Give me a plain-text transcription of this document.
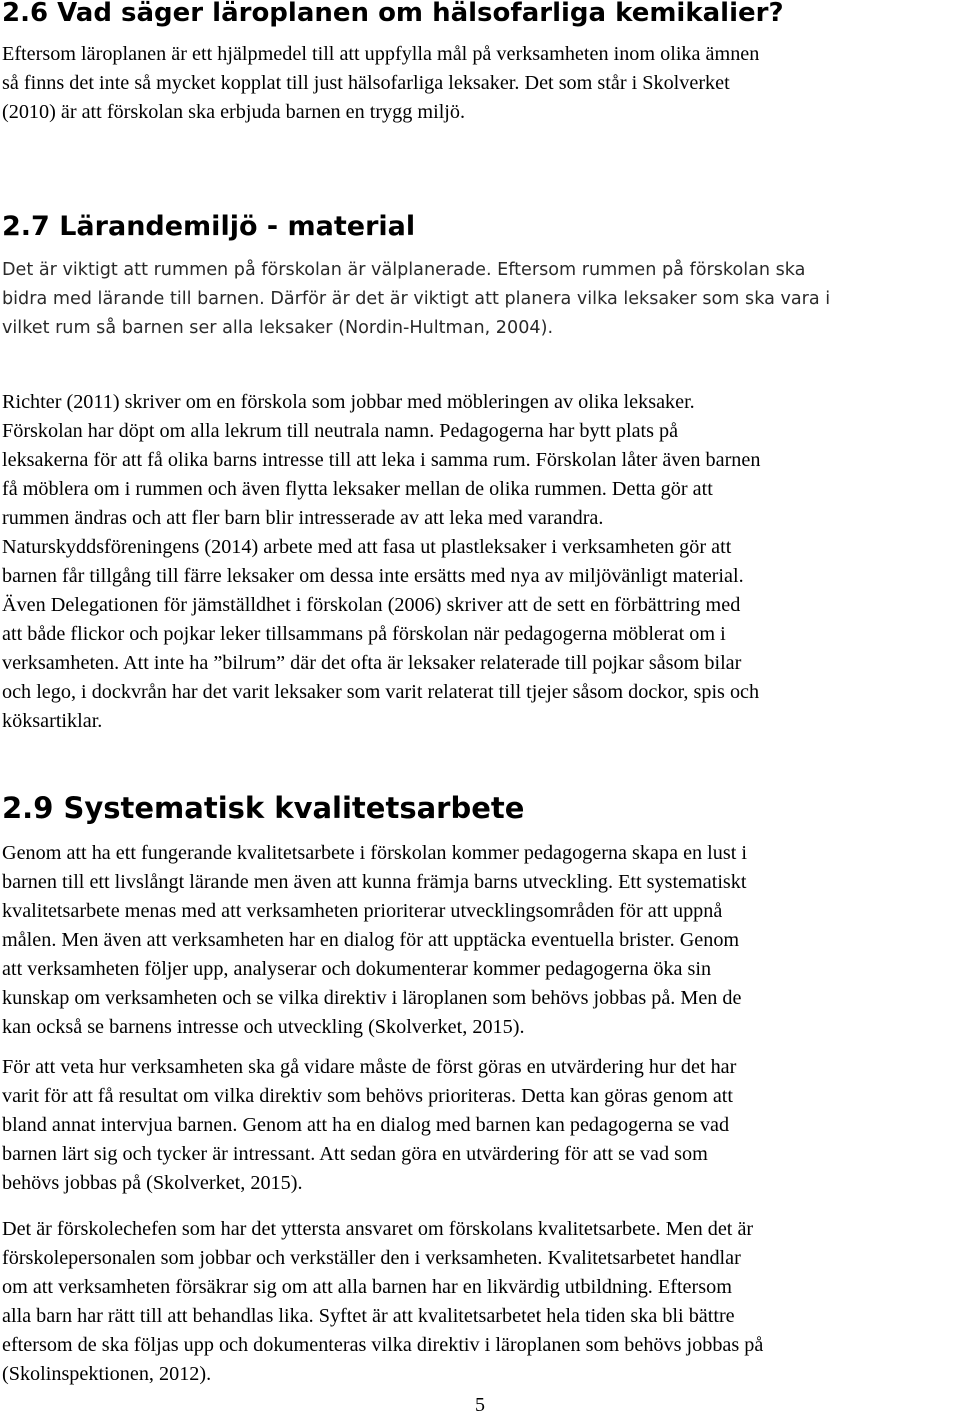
2.6 Vad säger läroplanen om hälsofarliga kemikalier?
Eftersom läroplanen är ett hjälpmedel till att uppfylla mål på verksamheten inom olika ämnen
så finns det inte så mycket kopplat till just hälsofarliga leksaker. Det som står i Skolverket
(2010) är att förskolan ska erbjuda barnen en trygg miljö.
2.7 Lärandemiljö - material
Det är viktigt att rummen på förskolan är välplanerade. Eftersom rummen på förskolan ska
bidra med lärande till barnen. Därför är det är viktigt att planera vilka leksaker som ska vara i
vilket rum så barnen ser alla leksaker (Nordin-Hultman, 2004).
Richter (2011) skriver om en förskola som jobbar med möbleringen av olika leksaker.
Förskolan har döpt om alla lekrum till neutrala namn. Pedagogerna har bytt plats på
leksakerna för att få olika barns intresse till att leka i samma rum. Förskolan låter även barnen
få möblera om i rummen och även flytta leksaker mellan de olika rummen. Detta gör att
rummen ändras och att fler barn blir intresserade av att leka med varandra.
Naturskyddsföreningens (2014) arbete med att fasa ut plastleksaker i verksamheten gör att
barnen får tillgång till färre leksaker om dessa inte ersätts med nya av miljövänligt material.
Även Delegationen för jämställdhet i förskolan (2006) skriver att de sett en förbättring med
att både flickor och pojkar leker tillsammans på förskolan när pedagogerna möblerat om i
verksamheten. Att inte ha ”bilrum” där det ofta är leksaker relaterade till pojkar såsom bilar
och lego, i dockvrån har det varit leksaker som varit relaterat till tjejer såsom dockor, spis och
köksartiklar.
2.9 Systematisk kvalitetsarbete
Genom att ha ett fungerande kvalitetsarbete i förskolan kommer pedagogerna skapa en lust i
barnen till ett livslångt lärande men även att kunna främja barns utveckling. Ett systematiskt
kvalitetsarbete menas med att verksamheten prioriterar utvecklingsområden för att uppnå
målen. Men även att verksamheten har en dialog för att upptäcka eventuella brister. Genom
att verksamheten följer upp, analyserar och dokumenterar kommer pedagogerna öka sin
kunskap om verksamheten och se vilka direktiv i läroplanen som behövs jobbas på. Men de
kan också se barnens intresse och utveckling (Skolverket, 2015).
För att veta hur verksamheten ska gå vidare måste de först göras en utvärdering hur det har
varit för att få resultat om vilka direktiv som behövs prioriteras. Detta kan göras genom att
bland annat intervjua barnen. Genom att ha en dialog med barnen kan pedagogerna se vad
barnen lärt sig och tycker är intressant. Att sedan göra en utvärdering för att se vad som
behövs jobbas på (Skolverket, 2015).
Det är förskolechefen som har det yttersta ansvaret om förskolans kvalitetsarbete. Men det är
förskolepersonalen som jobbar och verkställer den i verksamheten. Kvalitetsarbetet handlar
om att verksamheten försäkrar sig om att alla barnen har en likvärdig utbildning. Eftersom
alla barn har rätt till att behandlas lika. Syftet är att kvalitetsarbetet hela tiden ska bli bättre
eftersom de ska följas upp och dokumenteras vilka direktiv i läroplanen som behövs jobbas på
(Skolinspektionen, 2012).
5
